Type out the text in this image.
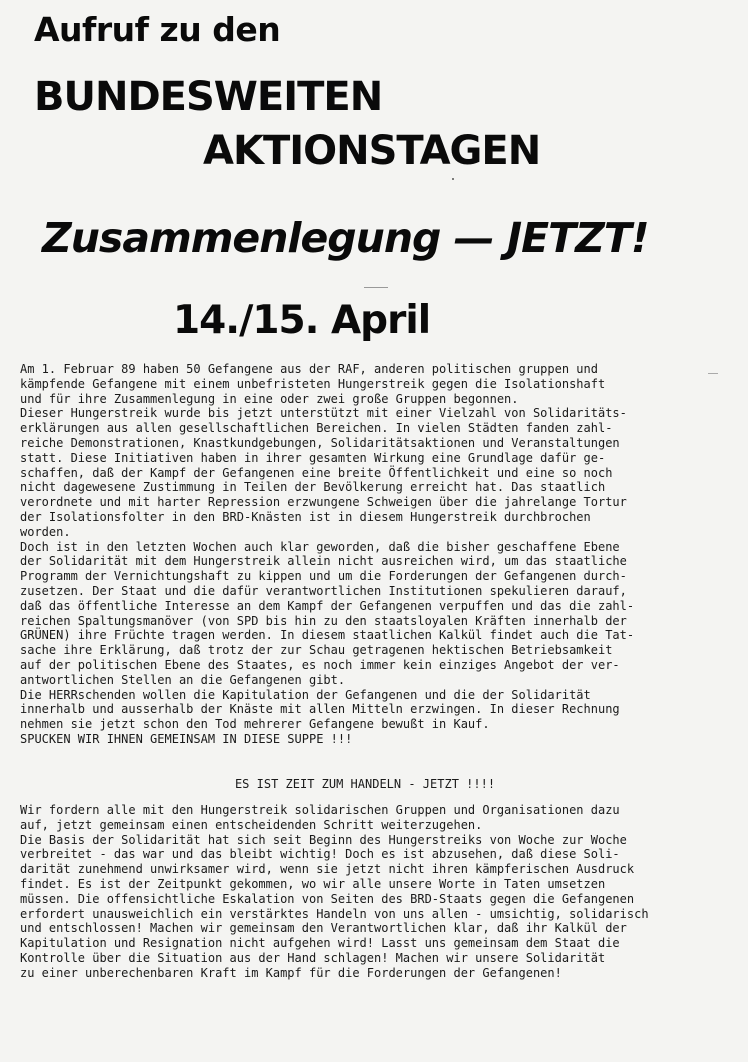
Aufruf zu den
BUNDESWEITEN
AKTIONSTAGEN
Zusammenlegung — JETZT!
14./15. April
Am 1. Februar 89 haben 50 Gefangene aus der RAF, anderen politischen gruppen und
kämpfende Gefangene mit einem unbefristeten Hungerstreik gegen die Isolationshaft
und für ihre Zusammenlegung in eine oder zwei große Gruppen begonnen.
Dieser Hungerstreik wurde bis jetzt unterstützt mit einer Vielzahl von Solidaritäts-
erklärungen aus allen gesellschaftlichen Bereichen. In vielen Städten fanden zahl-
reiche Demonstrationen, Knastkundgebungen, Solidaritätsaktionen und Veranstaltungen
statt. Diese Initiativen haben in ihrer gesamten Wirkung eine Grundlage dafür ge-
schaffen, daß der Kampf der Gefangenen eine breite Öffentlichkeit und eine so noch
nicht dagewesene Zustimmung in Teilen der Bevölkerung erreicht hat. Das staatlich
verordnete und mit harter Repression erzwungene Schweigen über die jahrelange Tortur
der Isolationsfolter in den BRD-Knästen ist in diesem Hungerstreik durchbrochen
worden.
Doch ist in den letzten Wochen auch klar geworden, daß die bisher geschaffene Ebene
der Solidarität mit dem Hungerstreik allein nicht ausreichen wird, um das staatliche
Programm der Vernichtungshaft zu kippen und um die Forderungen der Gefangenen durch-
zusetzen. Der Staat und die dafür verantwortlichen Institutionen spekulieren darauf,
daß das öffentliche Interesse an dem Kampf der Gefangenen verpuffen und das die zahl-
reichen Spaltungsmanöver (von SPD bis hin zu den staatsloyalen Kräften innerhalb der
GRÜNEN) ihre Früchte tragen werden. In diesem staatlichen Kalkül findet auch die Tat-
sache ihre Erklärung, daß trotz der zur Schau getragenen hektischen Betriebsamkeit
auf der politischen Ebene des Staates, es noch immer kein einziges Angebot der ver-
antwortlichen Stellen an die Gefangenen gibt.
Die HERRschenden wollen die Kapitulation der Gefangenen und die der Solidarität
innerhalb und ausserhalb der Knäste mit allen Mitteln erzwingen. In dieser Rechnung
nehmen sie jetzt schon den Tod mehrerer Gefangene bewußt in Kauf.
SPUCKEN WIR IHNEN GEMEINSAM IN DIESE SUPPE !!!
ES IST ZEIT ZUM HANDELN - JETZT !!!!
Wir fordern alle mit den Hungerstreik solidarischen Gruppen und Organisationen dazu
auf, jetzt gemeinsam einen entscheidenden Schritt weiterzugehen.
Die Basis der Solidarität hat sich seit Beginn des Hungerstreiks von Woche zur Woche
verbreitet - das war und das bleibt wichtig! Doch es ist abzusehen, daß diese Soli-
darität zunehmend unwirksamer wird, wenn sie jetzt nicht ihren kämpferischen Ausdruck
findet. Es ist der Zeitpunkt gekommen, wo wir alle unsere Worte in Taten umsetzen
müssen. Die offensichtliche Eskalation von Seiten des BRD-Staats gegen die Gefangenen
erfordert unausweichlich ein verstärktes Handeln von uns allen - umsichtig, solidarisch
und entschlossen! Machen wir gemeinsam den Verantwortlichen klar, daß ihr Kalkül der
Kapitulation und Resignation nicht aufgehen wird! Lasst uns gemeinsam dem Staat die
Kontrolle über die Situation aus der Hand schlagen! Machen wir unsere Solidarität
zu einer unberechenbaren Kraft im Kampf für die Forderungen der Gefangenen!
